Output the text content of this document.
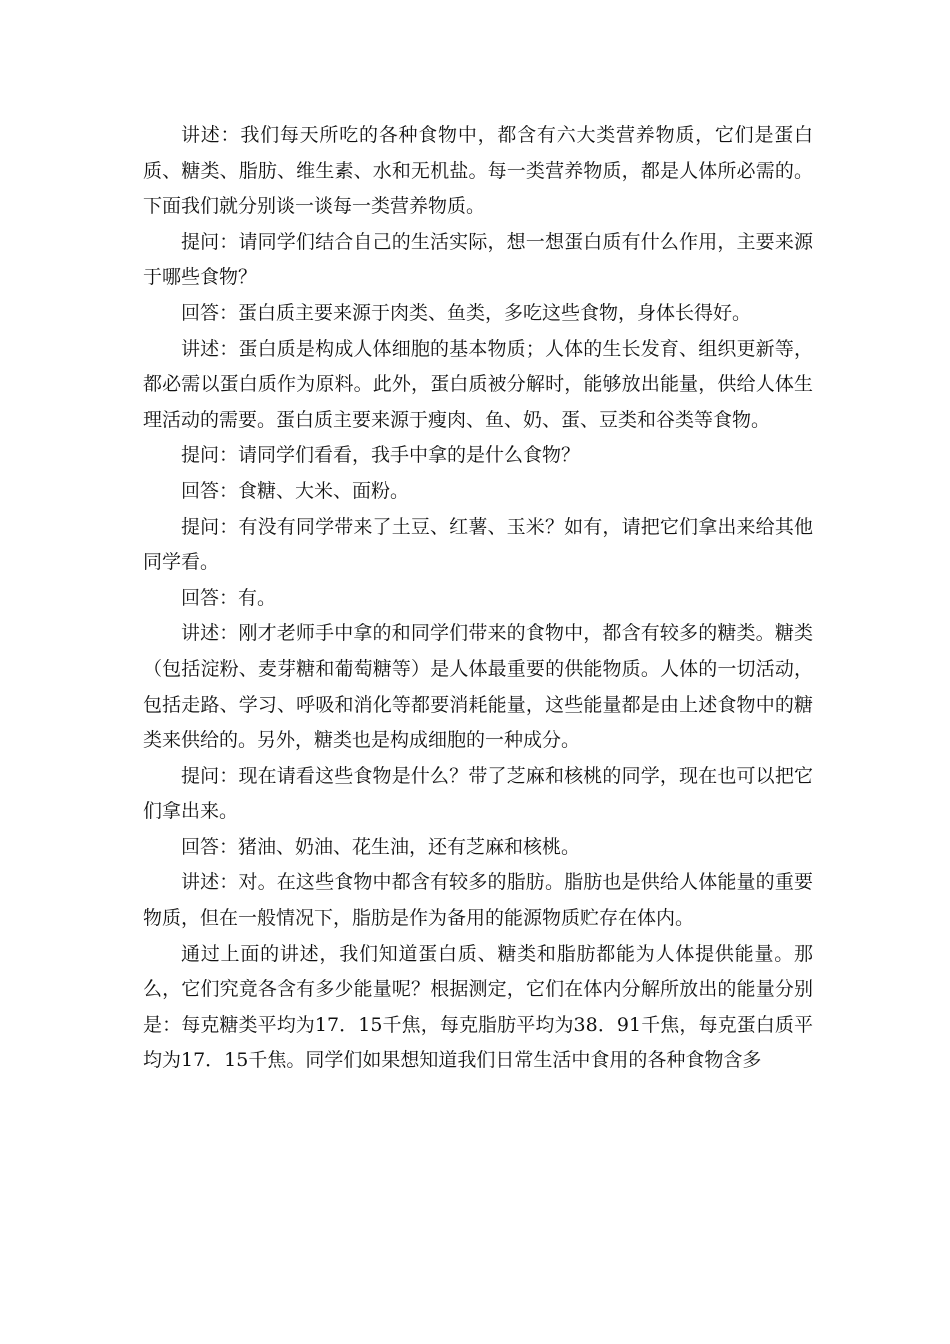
讲述：我们每天所吃的各种食物中，都含有六大类营养物质，它们是蛋白质、糖类、脂肪、维生素、水和无机盐。每一类营养物质，都是人体所必需的。下面我们就分别谈一谈每一类营养物质。

提问：请同学们结合自己的生活实际，想一想蛋白质有什么作用，主要来源于哪些食物？

回答：蛋白质主要来源于肉类、鱼类，多吃这些食物，身体长得好。

讲述：蛋白质是构成人体细胞的基本物质；人体的生长发育、组织更新等，都必需以蛋白质作为原料。此外，蛋白质被分解时，能够放出能量，供给人体生理活动的需要。蛋白质主要来源于瘦肉、鱼、奶、蛋、豆类和谷类等食物。

提问：请同学们看看，我手中拿的是什么食物？

回答：食糖、大米、面粉。

提问：有没有同学带来了土豆、红薯、玉米？如有，请把它们拿出来给其他同学看。

回答：有。

讲述：刚才老师手中拿的和同学们带来的食物中，都含有较多的糖类。糖类（包括淀粉、麦芽糖和葡萄糖等）是人体最重要的供能物质。人体的一切活动，包括走路、学习、呼吸和消化等都要消耗能量，这些能量都是由上述食物中的糖类来供给的。另外，糖类也是构成细胞的一种成分。

提问：现在请看这些食物是什么？带了芝麻和核桃的同学，现在也可以把它们拿出来。

回答：猪油、奶油、花生油，还有芝麻和核桃。

讲述：对。在这些食物中都含有较多的脂肪。脂肪也是供给人体能量的重要物质，但在一般情况下，脂肪是作为备用的能源物质贮存在体内。

通过上面的讲述，我们知道蛋白质、糖类和脂肪都能为人体提供能量。那么，它们究竟各含有多少能量呢？根据测定，它们在体内分解所放出的能量分别是：每克糖类平均为17．15千焦，每克脂肪平均为38．91千焦，每克蛋白质平均为17．15千焦。同学们如果想知道我们日常生活中食用的各种食物含多
